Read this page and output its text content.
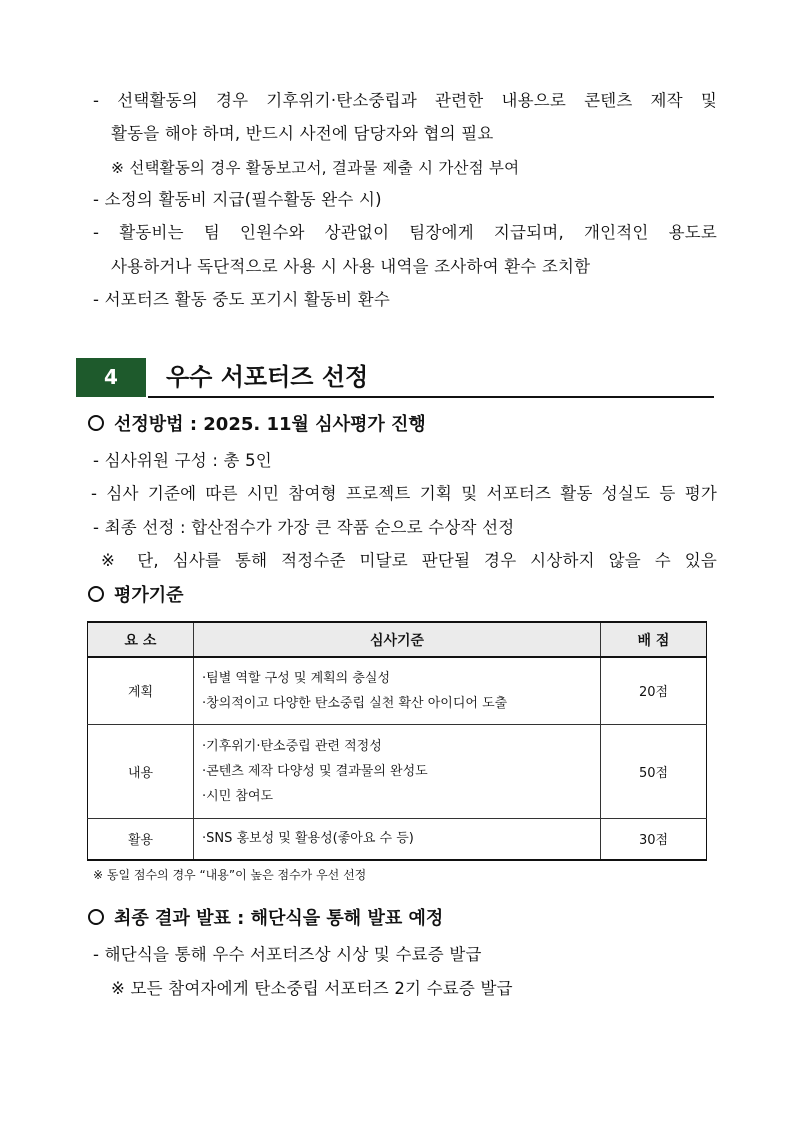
- 선택활동의 경우 기후위기·탄소중립과 관련한 내용으로 콘텐츠 제작 및
활동을 해야 하며, 반드시 사전에 담당자와 협의 필요
※ 선택활동의 경우 활동보고서, 결과물 제출 시 가산점 부여
- 소정의 활동비 지급(필수활동 완수 시)
- 활동비는 팀 인원수와 상관없이 팀장에게 지급되며, 개인적인 용도로
사용하거나 독단적으로 사용 시 사용 내역을 조사하여 환수 조치함
- 서포터즈 활동 중도 포기시 활동비 환수
4	우수 서포터즈 선정
선정방법 : 2025. 11월 심사평가 진행
- 심사위원 구성 : 총 5인
- 심사 기준에 따른 시민 참여형 프로젝트 기획 및 서포터즈 활동 성실도 등 평가
- 최종 선정 : 합산점수가 가장 큰 작품 순으로 수상작 선정
※ 단, 심사를 통해 적정수준 미달로 판단될 경우 시상하지 않을 수 있음
평가기준
요 소	심사기준	배 점
계획	·팀별 역할 구성 및 계획의 충실성
·창의적이고 다양한 탄소중립 실천 확산 아이디어 도출	20점
내용	·기후위기·탄소중립 관련 적정성
·콘텐츠 제작 다양성 및 결과물의 완성도
·시민 참여도	50점
활용	·SNS 홍보성 및 활용성(좋아요 수 등)	30점
※ 동일 점수의 경우 “내용”이 높은 점수가 우선 선정
최종 결과 발표 : 해단식을 통해 발표 예정
- 해단식을 통해 우수 서포터즈상 시상 및 수료증 발급
※ 모든 참여자에게 탄소중립 서포터즈 2기 수료증 발급
